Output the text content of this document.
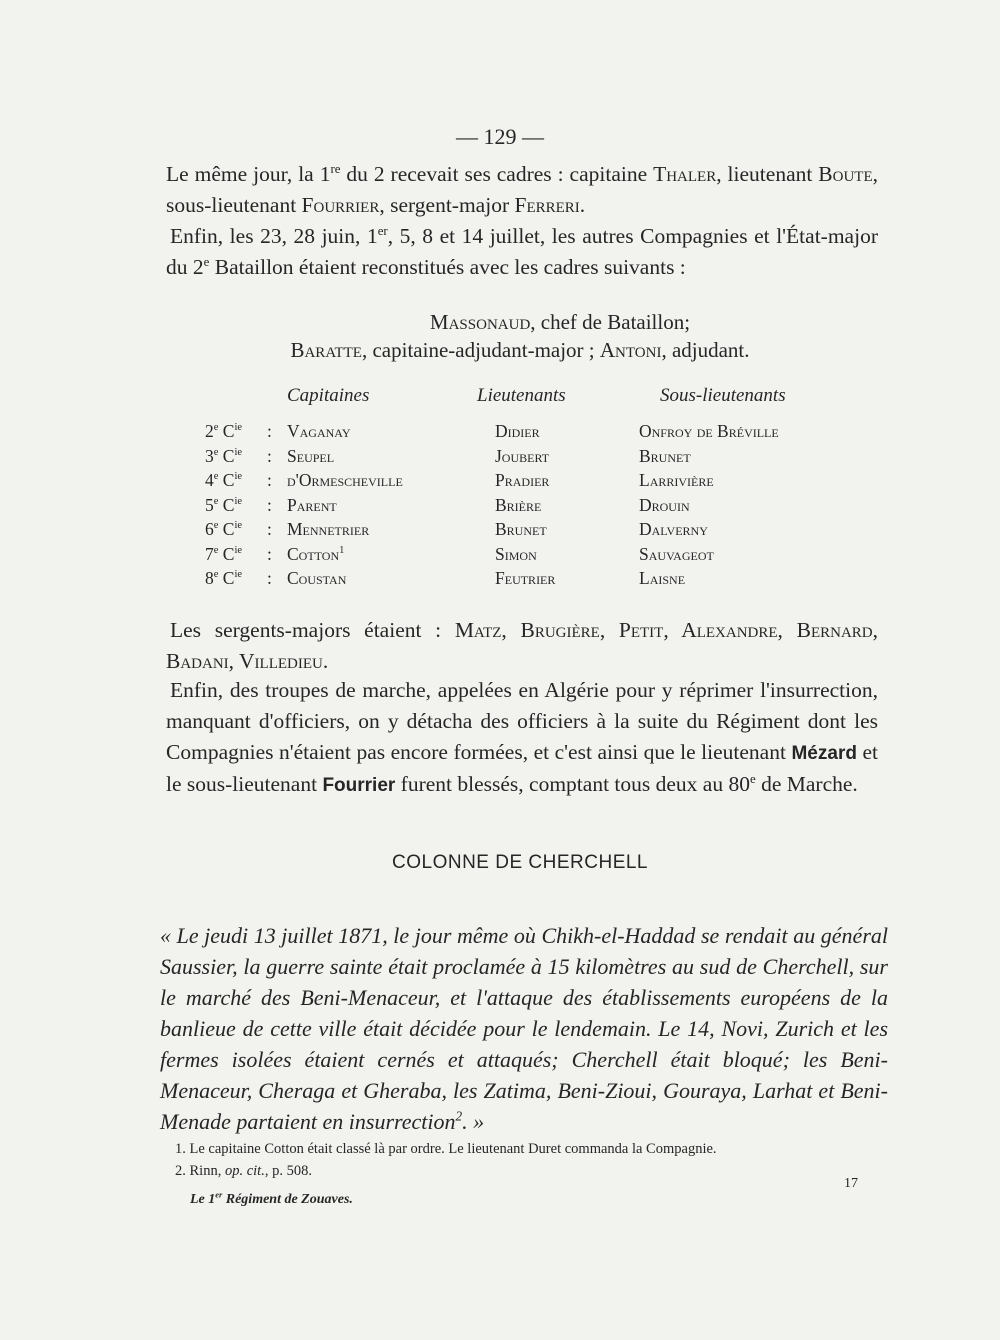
— 129 —
Le même jour, la 1re du 2 recevait ses cadres : capitaine Thaler, lieutenant Boute, sous-lieutenant Fourrier, sergent-major Ferreri.
Enfin, les 23, 28 juin, 1er, 5, 8 et 14 juillet, les autres Compagnies et l'État-major du 2e Bataillon étaient reconstitués avec les cadres suivants :
Massonaud, chef de Bataillon;
Baratte, capitaine-adjudant-major ; Antoni, adjudant.
Capitaines	Lieutenants	Sous-lieutenants
2e $C^{ie}$ : Vaganay	Didier	Onfroy de Bréville
3e $C^{ie}$ : Seupel	Joubert	Brunet
4e $C^{ie}$ : d'Ormescheville	Pradier	Larrivière
5e $C^{ie}$ : Parent	Brière	Drouin
6e $C^{ie}$ : Mennetrier	Brunet	Dalverny
7e $C^{ie}$ : Cotton$^1$	Simon	Sauvageot
8e $C^{ie}$ : Coustan	Feutrier	Laisne
Les sergents-majors étaient : Matz, Brugière, Petit, Alexandre, Bernard, Badani, Villedieu.
Enfin, des troupes de marche, appelées en Algérie pour y réprimer l'insurrection, manquant d'officiers, on y détacha des officiers à la suite du Régiment dont les Compagnies n'étaient pas encore formées, et c'est ainsi que le lieutenant Mézard et le sous-lieutenant Fourrier furent blessés, comptant tous deux au 80e de Marche.
COLONNE DE CHERCHELL
« Le jeudi 13 juillet 1871, le jour même où Chikh-el-Haddad se rendait au général Saussier, la guerre sainte était proclamée à 15 kilomètres au sud de Cherchell, sur le marché des Beni-Menaceur, et l'attaque des établissements européens de la banlieue de cette ville était décidée pour le lendemain. Le 14, Novi, Zurich et les fermes isolées étaient cernés et attaqués; Cherchell était bloqué; les Beni-Menaceur, Cheraga et Gheraba, les Zatima, Beni-Zioui, Gouraya, Larhat et Beni-Menade partaient en insurrection$^2$. »
1. Le capitaine Cotton était classé là par ordre. Le lieutenant Duret commanda la Compagnie.
2. Rinn, op. cit., p. 508.
Le 1er Régiment de Zouaves.
17
